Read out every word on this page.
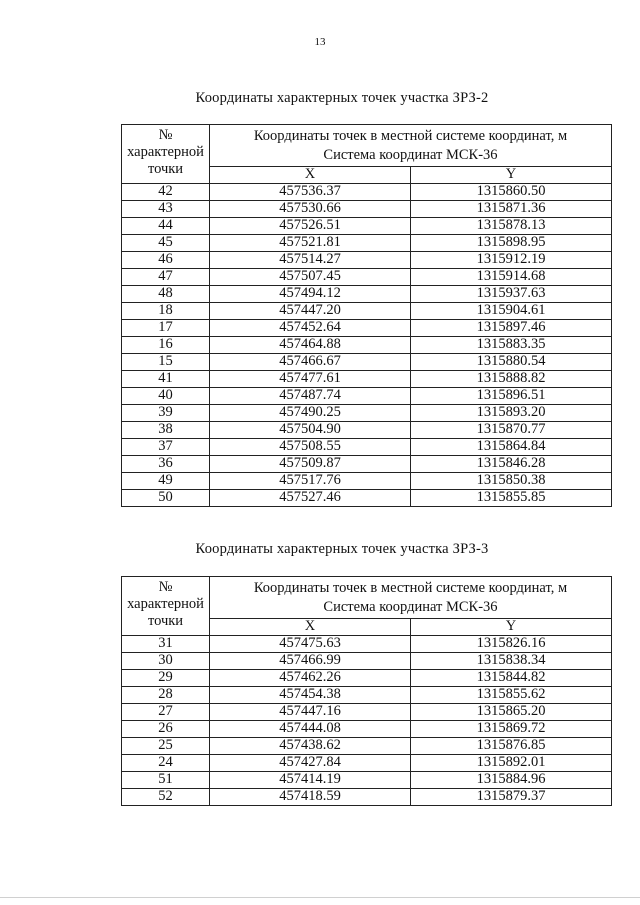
13
Координаты характерных точек участка ЗРЗ-2
№
характерной
точки	Координаты точек в местной системе координат, м
Система координат МСК-36	
	X	Y
42	457536.37	1315860.50
43	457530.66	1315871.36
44	457526.51	1315878.13
45	457521.81	1315898.95
46	457514.27	1315912.19
47	457507.45	1315914.68
48	457494.12	1315937.63
18	457447.20	1315904.61
17	457452.64	1315897.46
16	457464.88	1315883.35
15	457466.67	1315880.54
41	457477.61	1315888.82
40	457487.74	1315896.51
39	457490.25	1315893.20
38	457504.90	1315870.77
37	457508.55	1315864.84
36	457509.87	1315846.28
49	457517.76	1315850.38
50	457527.46	1315855.85
Координаты характерных точек участка ЗРЗ-3
№
характерной
точки	Координаты точек в местной системе координат, м
Система координат МСК-36	
	X	Y
31	457475.63	1315826.16
30	457466.99	1315838.34
29	457462.26	1315844.82
28	457454.38	1315855.62
27	457447.16	1315865.20
26	457444.08	1315869.72
25	457438.62	1315876.85
24	457427.84	1315892.01
51	457414.19	1315884.96
52	457418.59	1315879.37
